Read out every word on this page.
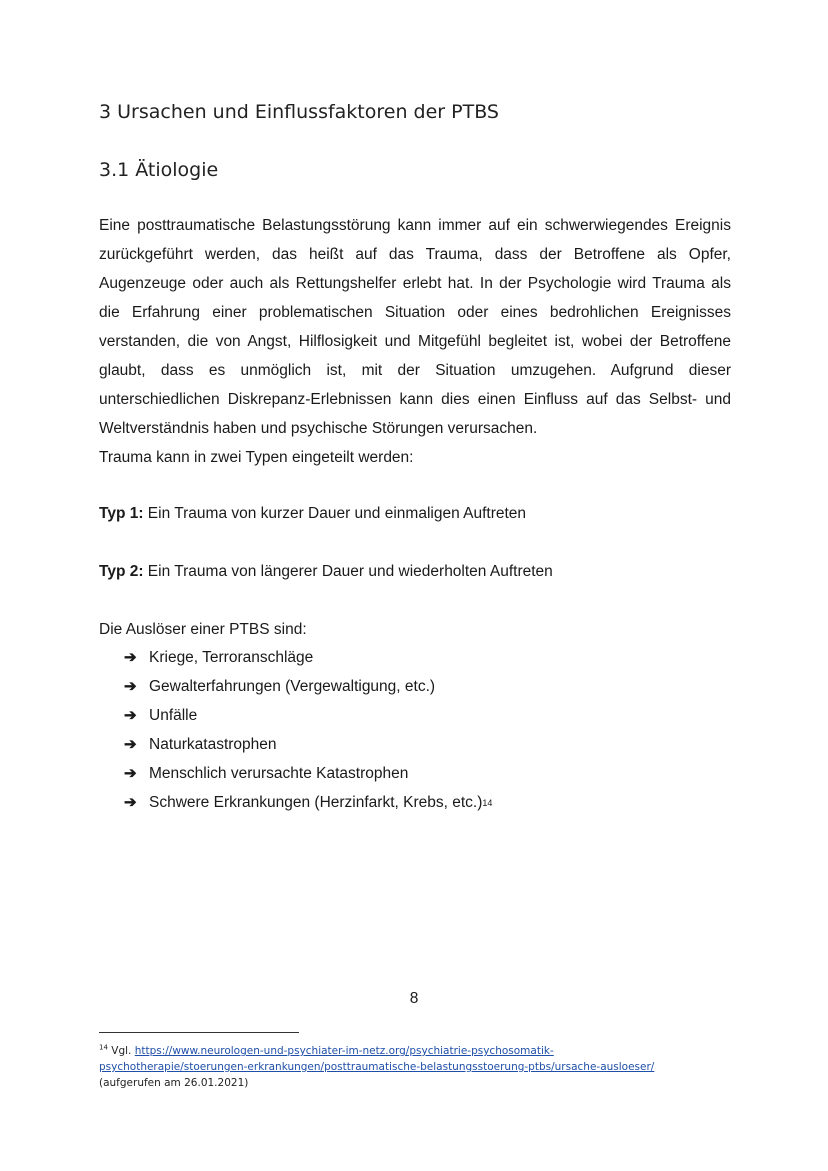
3 Ursachen und Einflussfaktoren der PTBS
3.1 Ätiologie

Eine posttraumatische Belastungsstörung kann immer auf ein schwerwiegendes Ereignis zurückgeführt werden, das heißt auf das Trauma, dass der Betroffene als Opfer, Augenzeuge oder auch als Rettungshelfer erlebt hat. In der Psychologie wird Trauma als die Erfahrung einer problematischen Situation oder eines bedrohlichen Ereignisses verstanden, die von Angst, Hilflosigkeit und Mitgefühl begleitet ist, wobei der Betroffene glaubt, dass es unmöglich ist, mit der Situation umzugehen. Aufgrund dieser unterschiedlichen Diskrepanz-Erlebnissen kann dies einen Einfluss auf das Selbst- und Weltverständnis haben und psychische Störungen verursachen.

Trauma kann in zwei Typen eingeteilt werden:

Typ 1: Ein Trauma von kurzer Dauer und einmaligen Auftreten

Typ 2: Ein Trauma von längerer Dauer und wiederholten Auftreten

Die Auslöser einer PTBS sind:

➔ Kriege, Terroranschläge
➔ Gewalterfahrungen (Vergewaltigung, etc.)
➔ Unfälle
➔ Naturkatastrophen
➔ Menschlich verursachte Katastrophen
➔ Schwere Erkrankungen (Herzinfarkt, Krebs, etc.) 14
8

$^{14}$ Vgl. https://www.neurologen-und-psychiater-im-netz.org/psychiatrie-psychosomatik-
psychotherapie/stoerungen-erkrankungen/posttraumatische-belastungsstoerung-ptbs/ursache-ausloeser/
(aufgerufen am 26.01.2021)
